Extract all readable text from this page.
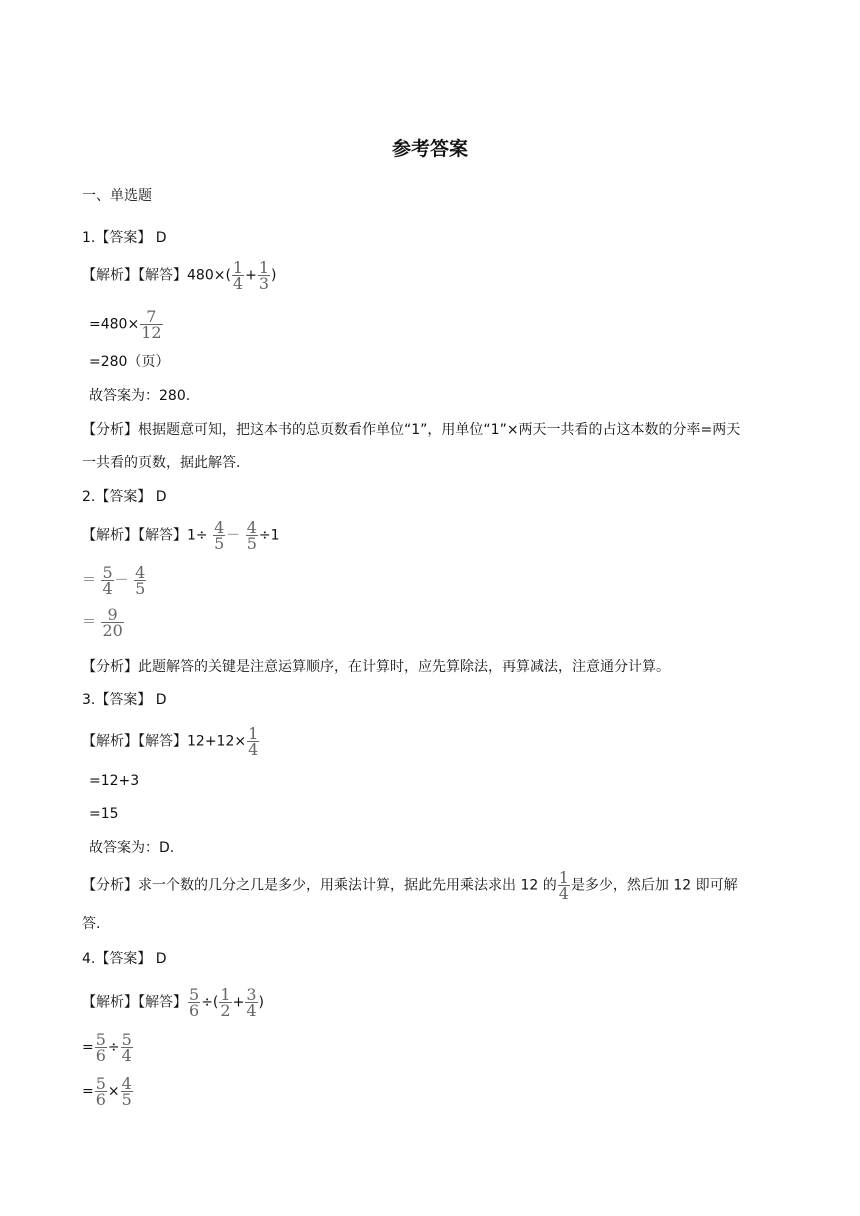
参考答案
一、单选题
1.【答案】 D
【解析】【解答】$480\times( \frac{1}{4} + \frac{1}{3}$ )
$=480\times \frac{7}{12}$
=280（页）
故答案为：280.
【分析】根据题意可知，把这本书的总页数看作单位“1”，用单位“1”×两天一共看的占这本数的分率=两天
一共看的页数，据此解答.
2.【答案】 D
【解析】【解答】$1\div \frac{4}{5} - \frac{4}{5} \div 1$
＝ $\frac{5}{4} - \frac{4}{5}$
＝ $\frac{9}{20}$
【分析】此题解答的关键是注意运算顺序，在计算时，应先算除法，再算减法，注意通分计算。
3.【答案】 D
【解析】【解答】$12+12\times \frac{1}{4}$
=12+3
=15
故答案为：D.
【分析】求一个数的几分之几是多少，用乘法计算，据此先用乘法求出 12 的 $\frac{1}{4}$ 是多少，然后加 12 即可解
答.
4.【答案】 D
【解析】【解答】 $\frac{5}{6}$ ÷( $\frac{1}{2} + \frac{3}{4}$ )
= $\frac{5}{6} \div \frac{5}{4}$
= $\frac{5}{6} \times \frac{4}{5}$
